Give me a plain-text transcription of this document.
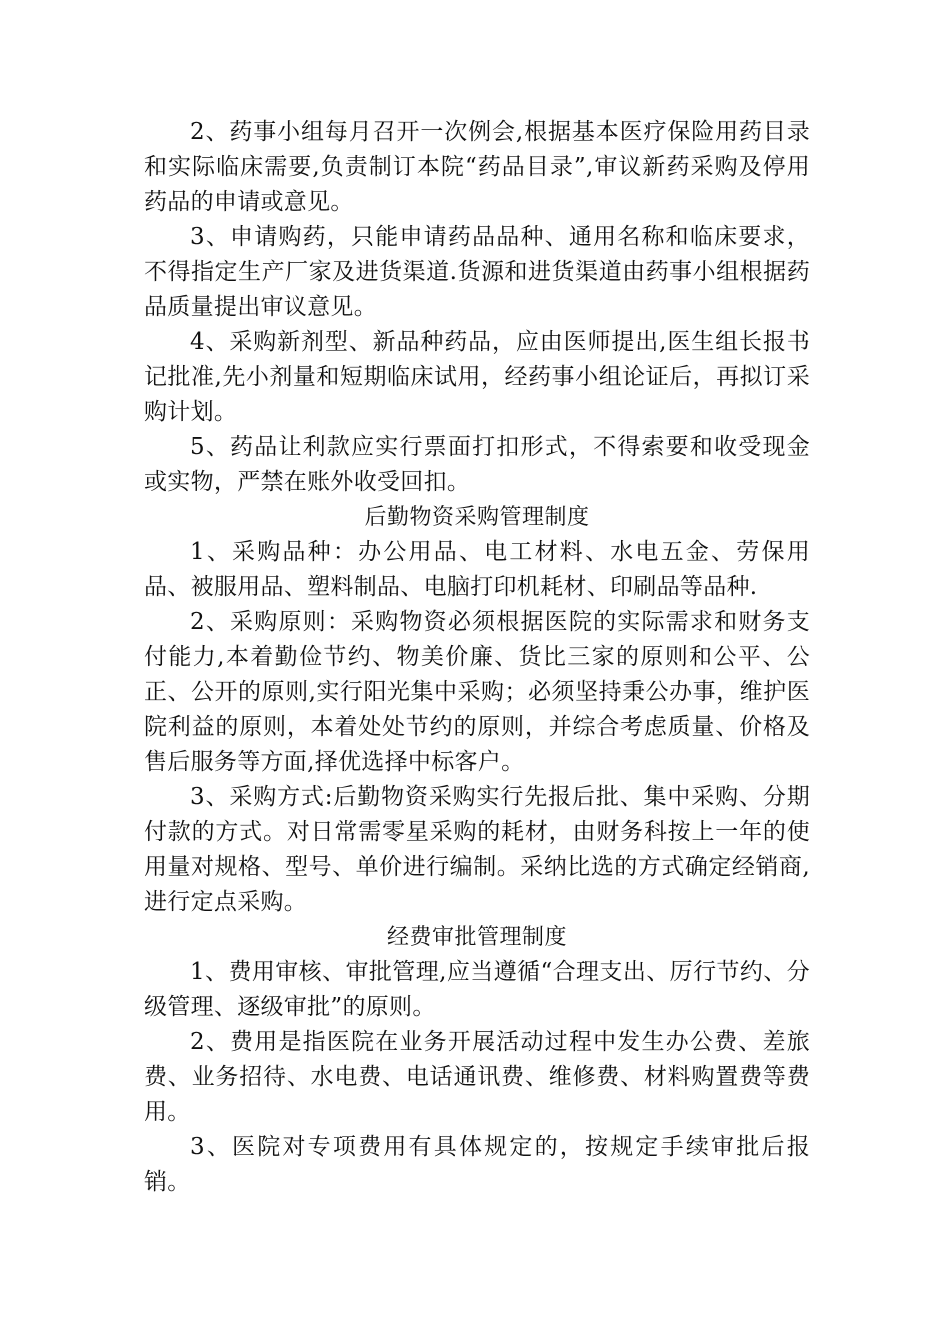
2、药事小组每月召开一次例会,根据基本医疗保险用药目录和实际临床需要,负责制订本院“药品目录”,审议新药采购及停用药品的申请或意见。

3、申请购药，只能申请药品品种、通用名称和临床要求，不得指定生产厂家及进货渠道.货源和进货渠道由药事小组根据药品质量提出审议意见。

4、采购新剂型、新品种药品，应由医师提出,医生组长报书记批准,先小剂量和短期临床试用，经药事小组论证后，再拟订采购计划。

5、药品让利款应实行票面打扣形式，不得索要和收受现金或实物，严禁在账外收受回扣。

后勤物资采购管理制度

1、采购品种：办公用品、电工材料、水电五金、劳保用品、被服用品、塑料制品、电脑打印机耗材、印刷品等品种.

2、采购原则：采购物资必须根据医院的实际需求和财务支付能力,本着勤俭节约、物美价廉、货比三家的原则和公平、公正、公开的原则,实行阳光集中采购；必须坚持秉公办事，维护医院利益的原则，本着处处节约的原则，并综合考虑质量、价格及售后服务等方面,择优选择中标客户。

3、采购方式:后勤物资采购实行先报后批、集中采购、分期付款的方式。对日常需零星采购的耗材，由财务科按上一年的使用量对规格、型号、单价进行编制。采纳比选的方式确定经销商,进行定点采购。

经费审批管理制度

1、费用审核、审批管理,应当遵循“合理支出、厉行节约、分级管理、逐级审批”的原则。

2、费用是指医院在业务开展活动过程中发生办公费、差旅费、业务招待、水电费、电话通讯费、维修费、材料购置费等费用。

3、医院对专项费用有具体规定的，按规定手续审批后报销。
